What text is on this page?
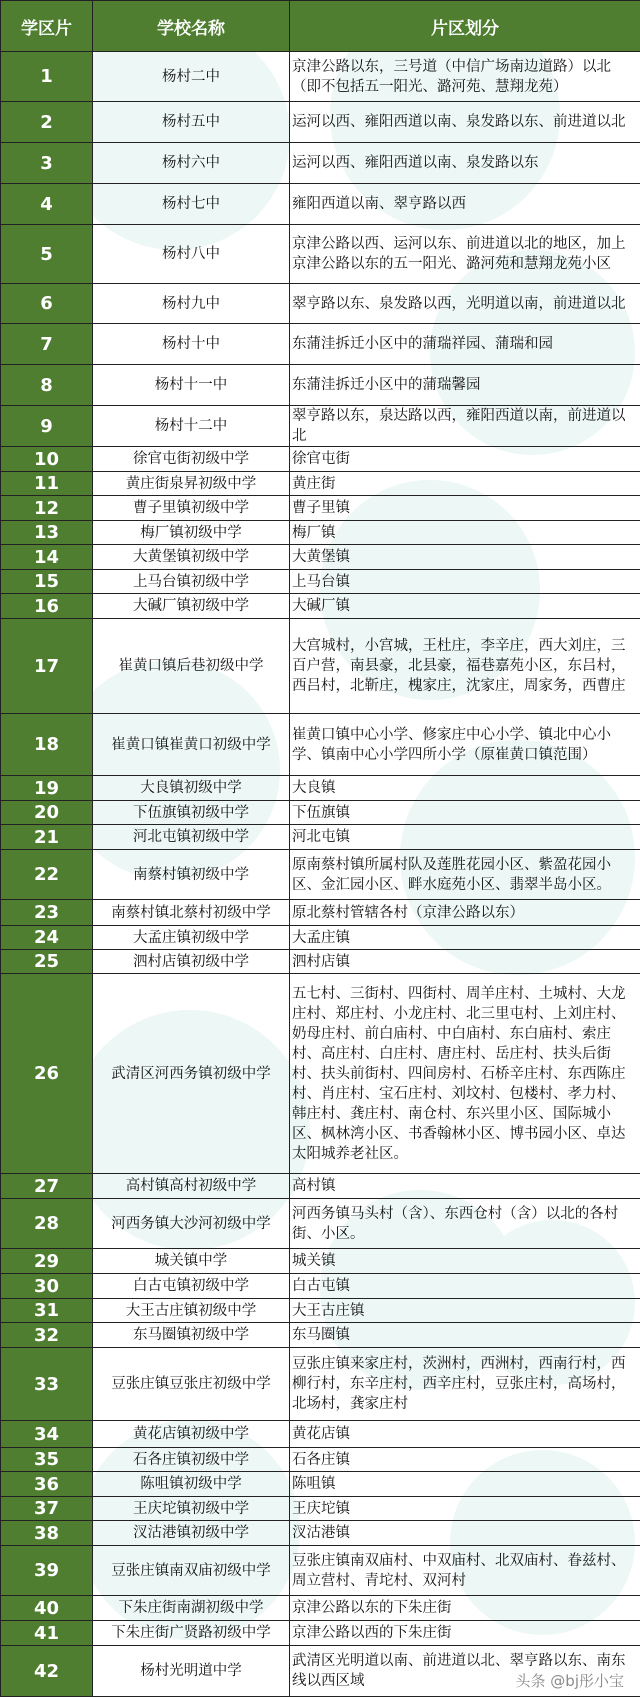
学区片	学校名称	片区划分
1	杨村二中	京津公路以东，三号道（中信广场南边道路）以北（即不包括五一阳光、潞河苑、慧翔龙苑）
2	杨村五中	运河以西、雍阳西道以南、泉发路以东、前进道以北
3	杨村六中	运河以西、雍阳西道以南、泉发路以东
4	杨村七中	雍阳西道以南、翠亨路以西
5	杨村八中	京津公路以西、运河以东、前进道以北的地区，加上京津公路以东的五一阳光、潞河苑和慧翔龙苑小区
6	杨村九中	翠亨路以东、泉发路以西，光明道以南，前进道以北
7	杨村十中	东蒲洼拆迁小区中的蒲瑞祥园、蒲瑞和园
8	杨村十一中	东蒲洼拆迁小区中的蒲瑞馨园
9	杨村十二中	翠亨路以东，泉达路以西，雍阳西道以南，前进道以北
10	徐官屯街初级中学	徐官屯街
11	黄庄街泉昇初级中学	黄庄街
12	曹子里镇初级中学	曹子里镇
13	梅厂镇初级中学	梅厂镇
14	大黄堡镇初级中学	大黄堡镇
15	上马台镇初级中学	上马台镇
16	大碱厂镇初级中学	大碱厂镇
17	崔黄口镇后巷初级中学	大宫城村，小宫城，王杜庄，李辛庄，西大刘庄，三百户营，南县豪，北县豪，福巷嘉苑小区，东吕村，西吕村，北靳庄，槐家庄，沈家庄，周家务，西曹庄
18	崔黄口镇崔黄口初级中学	崔黄口镇中心小学、修家庄中心小学、镇北中心小学、镇南中心小学四所小学（原崔黄口镇范围）
19	大良镇初级中学	大良镇
20	下伍旗镇初级中学	下伍旗镇
21	河北屯镇初级中学	河北屯镇
22	南蔡村镇初级中学	原南蔡村镇所属村队及莲胜花园小区、紫盈花园小区、金汇园小区、畔水庭苑小区、翡翠半岛小区。
23	南蔡村镇北蔡村初级中学	原北蔡村管辖各村（京津公路以东）
24	大孟庄镇初级中学	大孟庄镇
25	泗村店镇初级中学	泗村店镇
26	武清区河西务镇初级中学	五七村、三街村、四街村、周羊庄村、土城村、大龙庄村、郑庄村、小龙庄村、北三里屯村、上刘庄村、 奶母庄村、前白庙村、中白庙村、东白庙村、索庄村、高庄村、白庄村、唐庄村、岳庄村、扶头后街村、扶头前街村、四间房村、石桥辛庄村、东西陈庄村、肖庄村、宝石庄村、刘坟村、包楼村、孝力村、韩庄村、龚庄村、南仓村、东兴里小区、国际城小区、枫林湾小区、书香翰林小区、博书园小区、卓达太阳城养老社区。
27	高村镇高村初级中学	高村镇
28	河西务镇大沙河初级中学	河西务镇马头村（含）、东西仓村（含）以北的各村街、小区。
29	城关镇中学	城关镇
30	白古屯镇初级中学	白古屯镇
31	大王古庄镇初级中学	大王古庄镇
32	东马圈镇初级中学	东马圈镇
33	豆张庄镇豆张庄初级中学	豆张庄镇来家庄村，茨洲村，西洲村，西南行村，西柳行村，东辛庄村，西辛庄村，豆张庄村，高场村，北场村，龚家庄村
34	黄花店镇初级中学	黄花店镇
35	石各庄镇初级中学	石各庄镇
36	陈咀镇初级中学	陈咀镇
37	王庆坨镇初级中学	王庆坨镇
38	汊沽港镇初级中学	汊沽港镇
39	豆张庄镇南双庙初级中学	豆张庄镇南双庙村、中双庙村、北双庙村、眷兹村、周立营村、青坨村、双河村
40	下朱庄街南湖初级中学	京津公路以东的下朱庄街
41	下朱庄街广贤路初级中学	京津公路以西的下朱庄街
42	杨村光明道中学	武清区光明道以南、前进道以北、翠亨路以东、南东线以西区域	头条 @bj彤小宝
